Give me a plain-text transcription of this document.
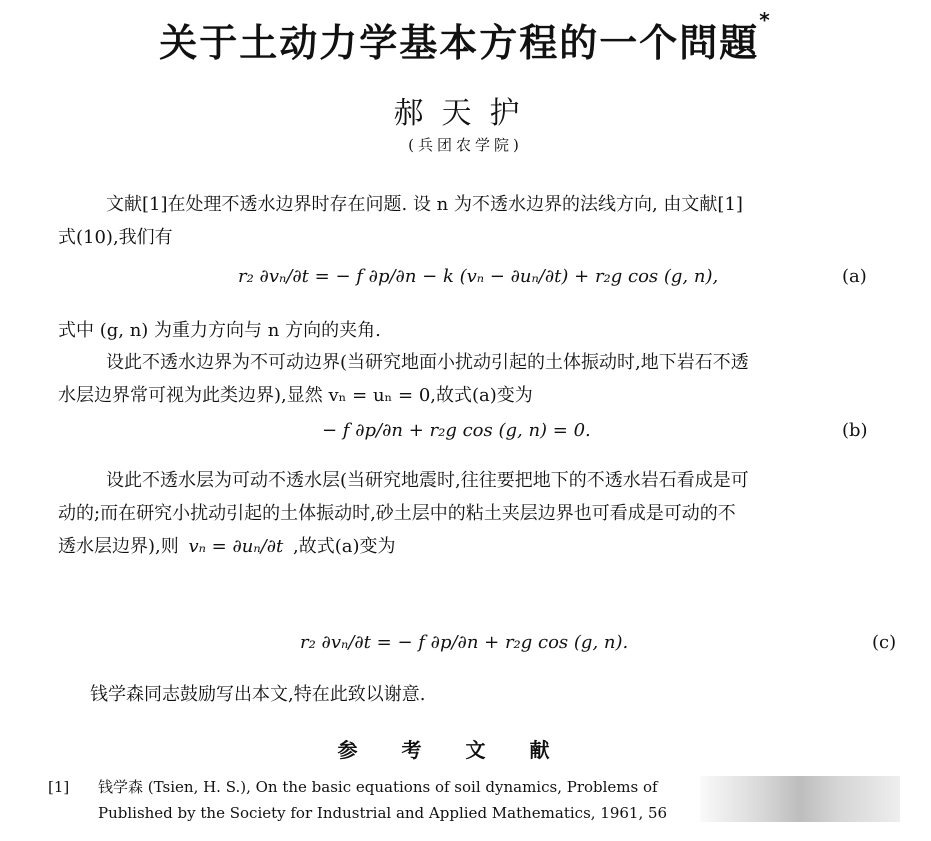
关于土动力学基本方程的一个問題*
郝天护
(兵团农学院)
文献[1]在处理不透水边界时存在问题. 设 n 为不透水边界的法线方向, 由文献[1]
式(10),我们有
r₂ ∂vₙ/∂t = − f ∂p/∂n − k (vₙ − ∂uₙ/∂t) + r₂g cos (g, n),	(a)
式中 (g, n) 为重力方向与 n 方向的夹角.
设此不透水边界为不可动边界(当研究地面小扰动引起的土体振动时,地下岩石不透
水层边界常可视为此类边界),显然 vₙ = uₙ = 0,故式(a)变为
− f ∂p/∂n + r₂g cos (g, n) = 0.	(b)
设此不透水层为可动不透水层(当研究地震时,往往要把地下的不透水岩石看成是可
动的;而在研究小扰动引起的土体振动时,砂土层中的粘土夹层边界也可看成是可动的不
透水层边界),则 vₙ = ∂uₙ/∂t ,故式(a)变为
r₂ ∂vₙ/∂t = − f ∂p/∂n + r₂g cos (g, n).	(c)
钱学森同志鼓励写出本文,特在此致以谢意.
参考文献
[1] 钱学森 (Tsien, H. S.), On the basic equations of soil dynamics, Problems of
Published by the Society for Industrial and Applied Mathematics, 1961, 56
